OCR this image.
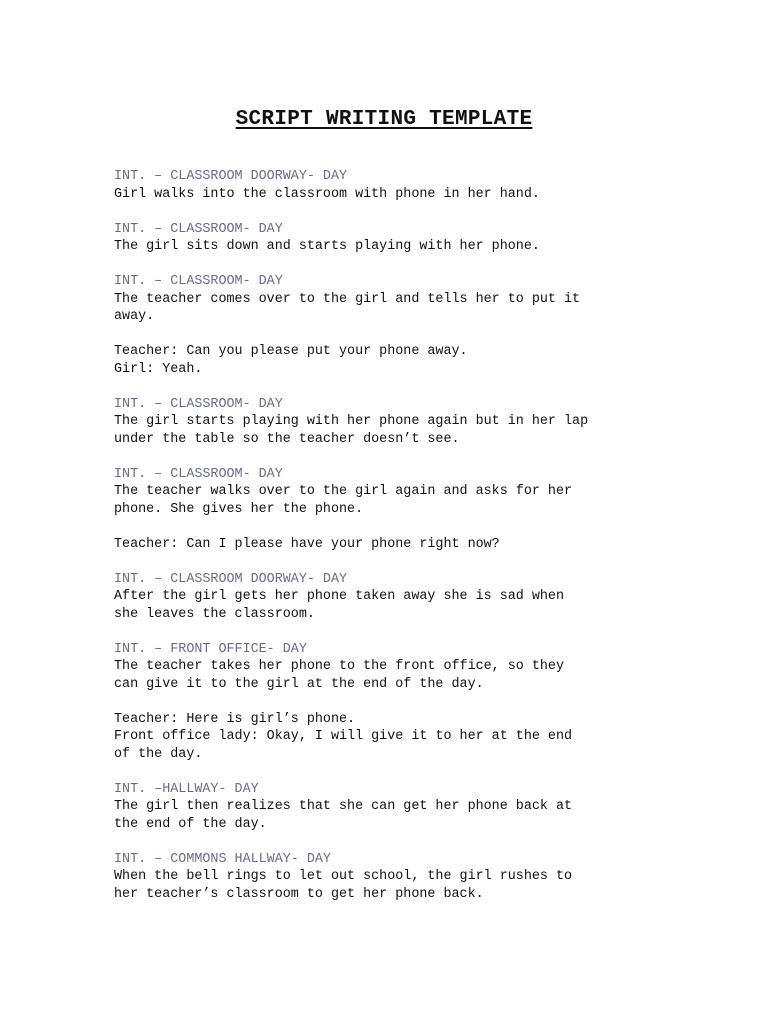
SCRIPT WRITING TEMPLATE
INT. – CLASSROOM DOORWAY- DAY
Girl walks into the classroom with phone in her hand.
INT. – CLASSROOM- DAY
The girl sits down and starts playing with her phone.
INT. – CLASSROOM- DAY
The teacher comes over to the girl and tells her to put it
away.
Teacher: Can you please put your phone away.
Girl: Yeah.
INT. – CLASSROOM- DAY
The girl starts playing with her phone again but in her lap
under the table so the teacher doesn’t see.
INT. – CLASSROOM- DAY
The teacher walks over to the girl again and asks for her
phone. She gives her the phone.
Teacher: Can I please have your phone right now?
INT. – CLASSROOM DOORWAY- DAY
After the girl gets her phone taken away she is sad when
she leaves the classroom.
INT. – FRONT OFFICE- DAY
The teacher takes her phone to the front office, so they
can give it to the girl at the end of the day.
Teacher: Here is girl’s phone.
Front office lady: Okay, I will give it to her at the end
of the day.
INT. –HALLWAY- DAY
The girl then realizes that she can get her phone back at
the end of the day.
INT. – COMMONS HALLWAY- DAY
When the bell rings to let out school, the girl rushes to
her teacher’s classroom to get her phone back.
